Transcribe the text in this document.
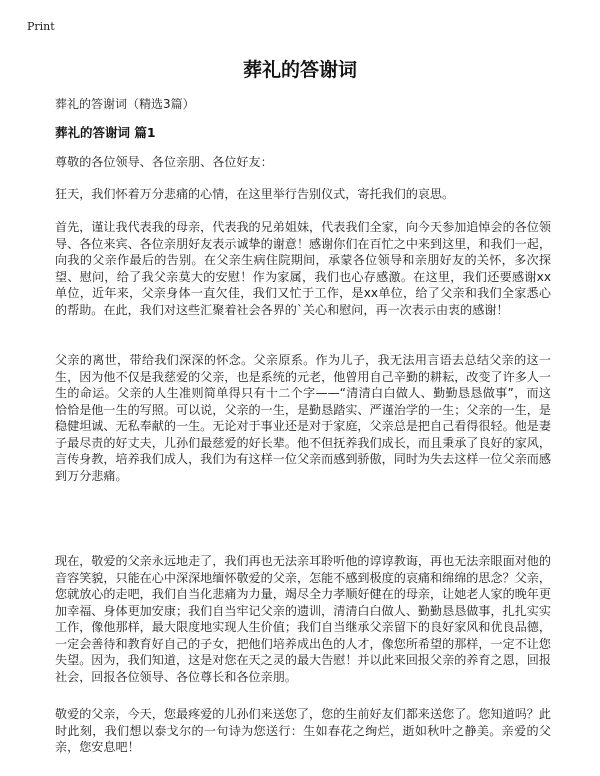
Print
葬礼的答谢词
葬礼的答谢词（精选3篇）
葬礼的答谢词 篇1

尊敬的各位领导、各位亲朋、各位好友：

狂天，我们怀着万分悲痛的心情，在这里举行告别仪式，寄托我们的哀思。

首先，谨让我代表我的母亲，代表我的兄弟姐妹，代表我们全家，向今天参加追悼会的各位领导、各位来宾、各位亲朋好友表示诚挚的谢意！感谢你们在百忙之中来到这里，和我们一起，向我的父亲作最后的告别。在父亲生病住院期间，承蒙各位领导和亲朋好友的关怀，多次探望、慰问，给了我父亲莫大的安慰！作为家属，我们也心存感激。在这里，我们还要感谢xx单位，近年来，父亲身体一直欠佳，我们又忙于工作，是xx单位，给了父亲和我们全家悉心的帮助。在此，我们对这些汇聚着社会各界的`关心和慰问，再一次表示由衷的感谢！

父亲的离世，带给我们深深的怀念。父亲原系。作为儿子，我无法用言语去总结父亲的这一生，因为他不仅是我慈爱的父亲，也是系统的元老，他曾用自己辛勤的耕耘，改变了许多人一生的命运。父亲的人生准则简单得只有十二个字——“清清白白做人、勤勤恳恳做事”，而这恰恰是他一生的写照。可以说，父亲的一生，是勤恳踏实、严谨治学的一生；父亲的一生，是稳健坦诚、无私奉献的一生。无论对于事业还是对于家庭，父亲总是把自己看得很轻。他是妻子最尽责的好丈夫，儿孙们最慈爱的好长辈。他不但抚养我们成长，而且秉承了良好的家风，言传身教，培养我们成人，我们为有这样一位父亲而感到骄傲，同时为失去这样一位父亲而感到万分悲痛。

现在，敬爱的父亲永远地走了，我们再也无法亲耳聆听他的谆谆教诲，再也无法亲眼面对他的音容笑貌，只能在心中深深地缅怀敬爱的父亲，怎能不感到极度的哀痛和绵绵的思念？父亲，您就放心的走吧，我们自当化悲痛为力量，竭尽全力孝顺好健在的母亲，让她老人家的晚年更加幸福、身体更加安康；我们自当牢记父亲的遗训，清清白白做人、勤勤恳恳做事，扎扎实实工作，像他那样，最大限度地实现人生价值；我们自当继承父亲留下的良好家风和优良品德，一定会善待和教育好自己的子女，把他们培养成出色的人才，像您所希望的那样，一定不让您失望。因为，我们知道，这是对您在天之灵的最大告慰！并以此来回报父亲的养育之恩，回报社会，回报各位领导、各位尊长和各位亲朋。

敬爱的父亲，今天，您最疼爱的儿孙们来送您了，您的生前好友们都来送您了。您知道吗？此时此刻，我们想以泰戈尔的一句诗为您送行：生如春花之绚烂，逝如秋叶之静美。亲爱的父亲，您安息吧！
